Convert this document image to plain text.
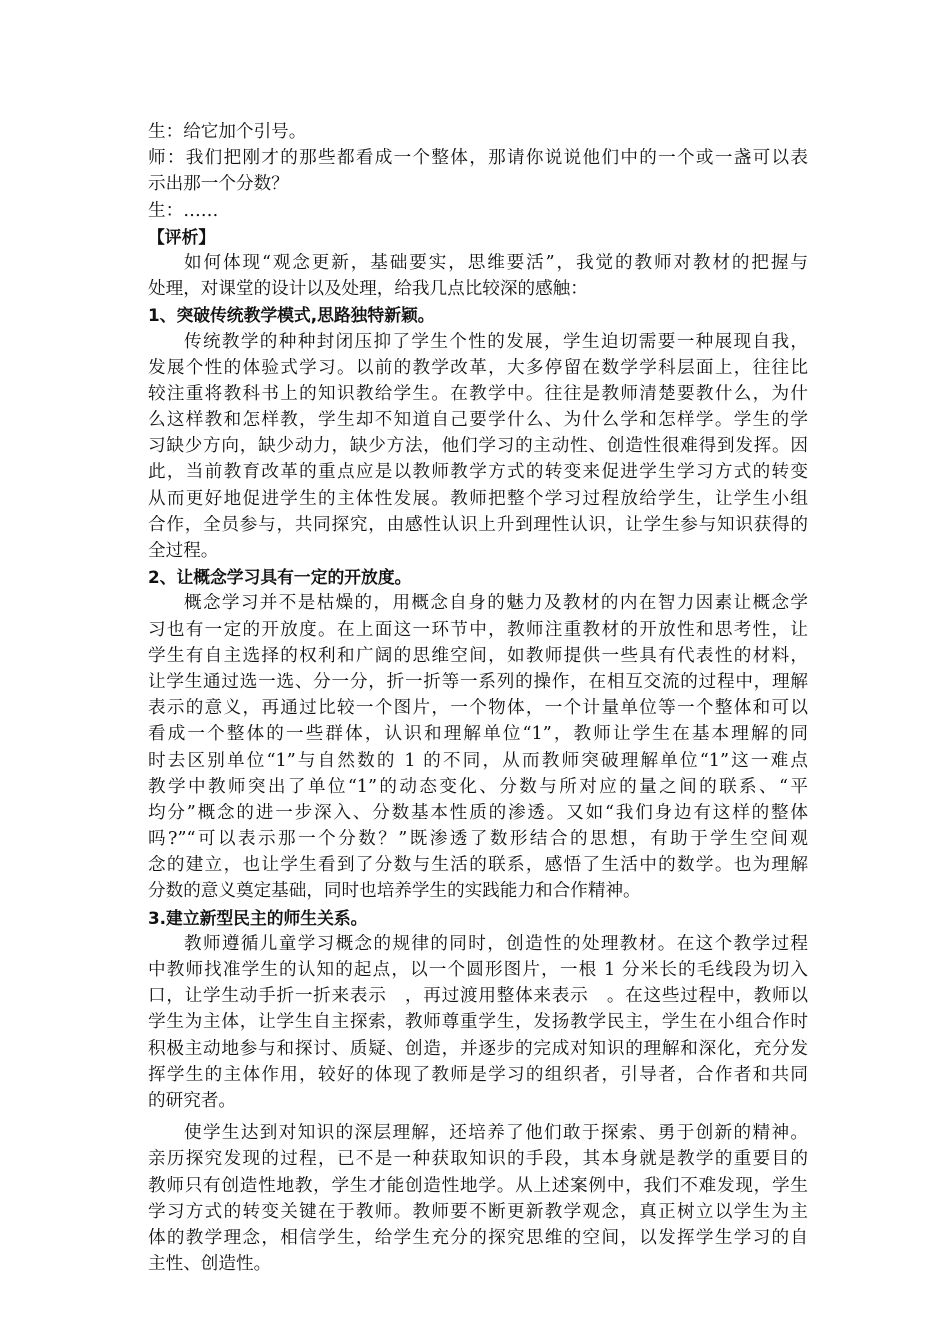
生：给它加个引号。
师：我们把刚才的那些都看成一个整体，那请你说说他们中的一个或一盏可以表
示出那一个分数？
生：……
【评析】
如何体现“观念更新，基础要实，思维要活”，我觉的教师对教材的把握与
处理，对课堂的设计以及处理，给我几点比较深的感触：
1、突破传统教学模式,思路独特新颖。
传统教学的种种封闭压抑了学生个性的发展，学生迫切需要一种展现自我，
发展个性的体验式学习。以前的教学改革，大多停留在数学学科层面上，往往比
较注重将教科书上的知识教给学生。在教学中。往往是教师清楚要教什么，为什
么这样教和怎样教，学生却不知道自己要学什么、为什么学和怎样学。学生的学
习缺少方向，缺少动力，缺少方法，他们学习的主动性、创造性很难得到发挥。因
此，当前教育改革的重点应是以教师教学方式的转变来促进学生学习方式的转变
从而更好地促进学生的主体性发展。教师把整个学习过程放给学生，让学生小组
合作，全员参与，共同探究，由感性认识上升到理性认识，让学生参与知识获得的
全过程。
2、让概念学习具有一定的开放度。
概念学习并不是枯燥的，用概念自身的魅力及教材的内在智力因素让概念学
习也有一定的开放度。在上面这一环节中，教师注重教材的开放性和思考性，让
学生有自主选择的权利和广阔的思维空间，如教师提供一些具有代表性的材料，
让学生通过选一选、分一分，折一折等一系列的操作，在相互交流的过程中，理解
表示的意义，再通过比较一个图片，一个物体，一个计量单位等一个整体和可以
看成一个整体的一些群体，认识和理解单位“1”，教师让学生在基本理解的同
时去区别单位“1”与自然数的 1 的不同，从而教师突破理解单位“1”这一难点
教学中教师突出了单位“1”的动态变化、分数与所对应的量之间的联系、“平
均分”概念的进一步深入、分数基本性质的渗透。又如“我们身边有这样的整体
吗?”“可以表示那一个分数？”既渗透了数形结合的思想，有助于学生空间观
念的建立，也让学生看到了分数与生活的联系，感悟了生活中的数学。也为理解
分数的意义奠定基础，同时也培养学生的实践能力和合作精神。
3.建立新型民主的师生关系。
教师遵循儿童学习概念的规律的同时，创造性的处理教材。在这个教学过程
中教师找准学生的认知的起点，以一个圆形图片，一根 1 分米长的毛线段为切入
口，让学生动手折一折来表示　，再过渡用整体来表示　。在这些过程中，教师以
学生为主体，让学生自主探索，教师尊重学生，发扬教学民主，学生在小组合作时
积极主动地参与和探讨、质疑、创造，并逐步的完成对知识的理解和深化，充分发
挥学生的主体作用，较好的体现了教师是学习的组织者，引导者，合作者和共同
的研究者。
使学生达到对知识的深层理解，还培养了他们敢于探索、勇于创新的精神。
亲历探究发现的过程，已不是一种获取知识的手段，其本身就是教学的重要目的
教师只有创造性地教，学生才能创造性地学。从上述案例中，我们不难发现，学生
学习方式的转变关键在于教师。教师要不断更新教学观念，真正树立以学生为主
体的教学理念，相信学生，给学生充分的探究思维的空间，以发挥学生学习的自
主性、创造性。
